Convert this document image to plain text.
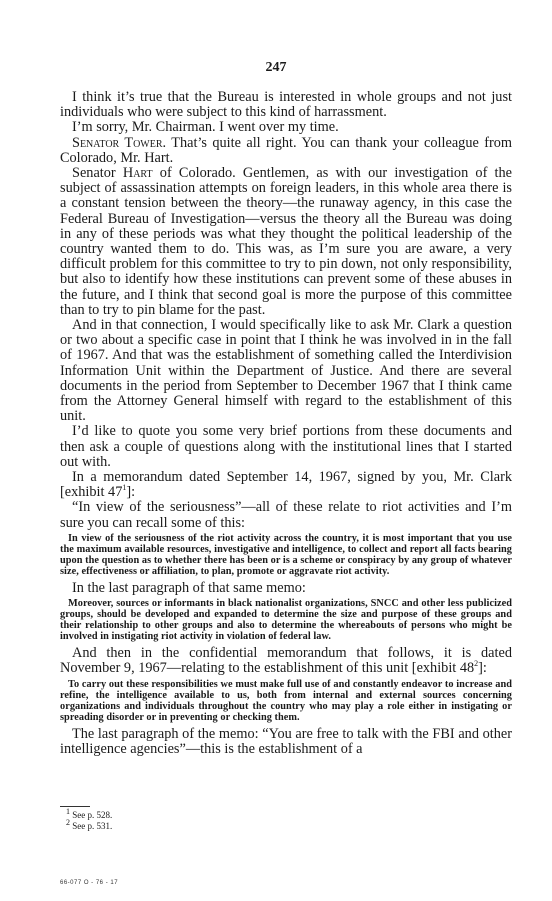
247

I think it’s true that the Bureau is interested in whole groups and not just individuals who were subject to this kind of harrassment.

I’m sorry, Mr. Chairman. I went over my time.

Senator Tower. That’s quite all right. You can thank your colleague from Colorado, Mr. Hart.

Senator Hart of Colorado. Gentlemen, as with our investigation of the subject of assassination attempts on foreign leaders, in this whole area there is a constant tension between the theory—the runaway agency, in this case the Federal Bureau of Investigation—versus the theory all the Bureau was doing in any of these periods was what they thought the political leadership of the country wanted them to do. This was, as I’m sure you are aware, a very difficult problem for this committee to try to pin down, not only responsibility, but also to identify how these institutions can prevent some of these abuses in the future, and I think that second goal is more the purpose of this committee than to try to pin blame for the past.

And in that connection, I would specifically like to ask Mr. Clark a question or two about a specific case in point that I think he was involved in in the fall of 1967. And that was the establishment of something called the Interdivision Information Unit within the Department of Justice. And there are several documents in the period from September to December 1967 that I think came from the Attorney General himself with regard to the establishment of this unit.

I’d like to quote you some very brief portions from these documents and then ask a couple of questions along with the institutional lines that I started out with.

In a memorandum dated September 14, 1967, signed by you, Mr. Clark [exhibit $47^1$]:

“In view of the seriousness”—all of these relate to riot activities and I’m sure you can recall some of this:

In view of the seriousness of the riot activity across the country, it is most important that you use the maximum available resources, investigative and intelligence, to collect and report all facts bearing upon the question as to whether there has been or is a scheme or conspiracy by any group of whatever size, effectiveness or affiliation, to plan, promote or aggravate riot activity.

In the last paragraph of that same memo:

Moreover, sources or informants in black nationalist organizations, SNCC and other less publicized groups, should be developed and expanded to determine the size and purpose of these groups and their relationship to other groups and also to determine the whereabouts of persons who might be involved in instigating riot activity in violation of federal law.

And then in the confidential memorandum that follows, it is dated November 9, 1967—relating to the establishment of this unit [exhibit $48^2$]:

To carry out these responsibilities we must make full use of and constantly endeavor to increase and refine, the intelligence available to us, both from internal and external sources concerning organizations and individuals throughout the country who may play a role either in instigating or spreading disorder or in preventing or checking them.

The last paragraph of the memo: “You are free to talk with the FBI and other intelligence agencies”—this is the establishment of a

1 See p. 528.

2 See p. 531.

66-077 O - 76 - 17
